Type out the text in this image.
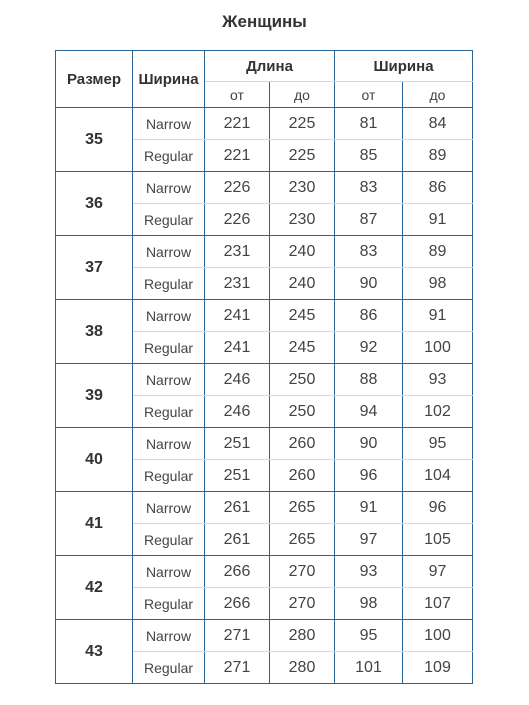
Женщины
Размер	Ширина	Длина		Ширина	
		от	до	от	до
35	Narrow	221	225	81	84
	Regular	221	225	85	89
36	Narrow	226	230	83	86
	Regular	226	230	87	91
37	Narrow	231	240	83	89
	Regular	231	240	90	98
38	Narrow	241	245	86	91
	Regular	241	245	92	100
39	Narrow	246	250	88	93
	Regular	246	250	94	102
40	Narrow	251	260	90	95
	Regular	251	260	96	104
41	Narrow	261	265	91	96
	Regular	261	265	97	105
42	Narrow	266	270	93	97
	Regular	266	270	98	107
43	Narrow	271	280	95	100
	Regular	271	280	101	109
